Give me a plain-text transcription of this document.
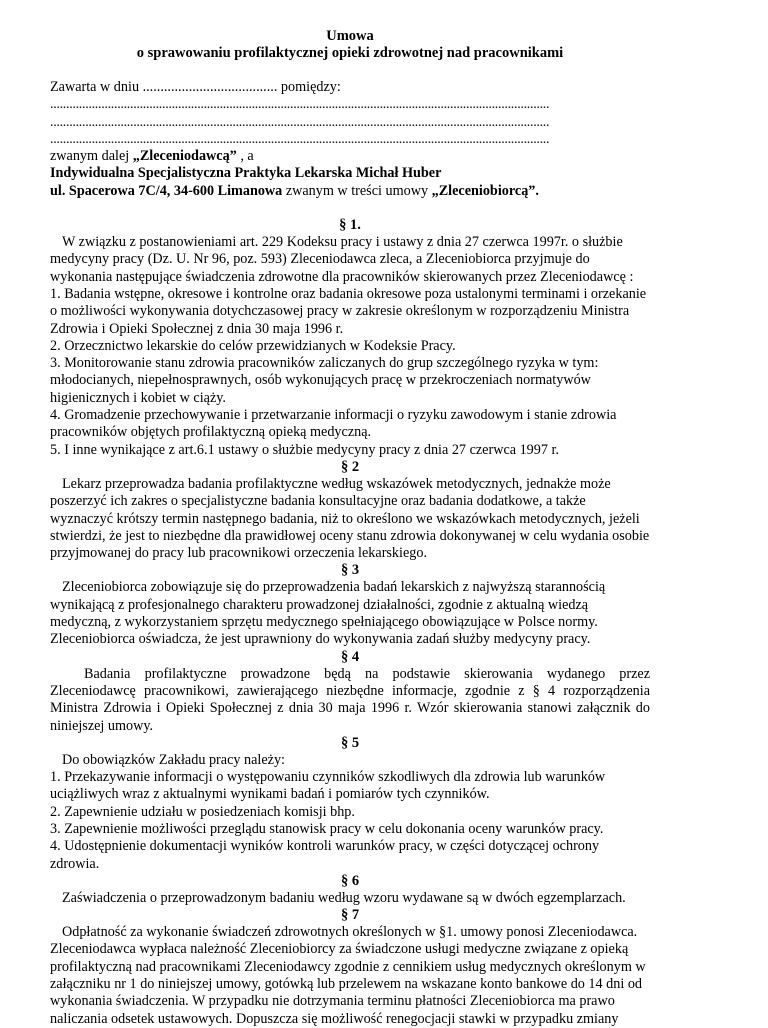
Umowa

o sprawowaniu profilaktycznej opieki zdrowotnej nad pracownikami

Zawarta w dniu ...................................... pomiędzy:

............................................................................................................................................................

............................................................................................................................................................

............................................................................................................................................................

zwanym dalej „Zleceniodawcą” , a

Indywidualna Specjalistyczna Praktyka Lekarska Michał Huber

ul. Spacerowa 7C/4, 34-600 Limanowa zwanym w treści umowy „Zleceniobiorcą”.

§ 1.

W związku z postanowieniami art. 229 Kodeksu pracy i ustawy z dnia 27 czerwca 1997r. o służbie medycyny pracy (Dz. U. Nr 96, poz. 593) Zleceniodawca zleca, a Zleceniobiorca przyjmuje do wykonania następujące świadczenia zdrowotne dla pracowników skierowanych przez Zleceniodawcę :

1. Badania wstępne, okresowe i kontrolne oraz badania okresowe poza ustalonymi terminami i orzekanie o możliwości wykonywania dotychczasowej pracy w zakresie określonym w rozporządzeniu Ministra Zdrowia i Opieki Społecznej z dnia 30 maja 1996 r.

2. Orzecznictwo lekarskie do celów przewidzianych w Kodeksie Pracy.

3. Monitorowanie stanu zdrowia pracowników zaliczanych do grup szczególnego ryzyka w tym: młodocianych, niepełnosprawnych, osób wykonujących pracę w przekroczeniach normatywów higienicznych i kobiet w ciąży.

4. Gromadzenie przechowywanie i przetwarzanie informacji o ryzyku zawodowym i stanie zdrowia pracowników objętych profilaktyczną opieką medyczną.

5. I inne wynikające z art.6.1 ustawy o służbie medycyny pracy z dnia 27 czerwca 1997 r.

§ 2

Lekarz przeprowadza badania profilaktyczne według wskazówek metodycznych, jednakże może poszerzyć ich zakres o specjalistyczne badania konsultacyjne oraz badania dodatkowe, a także wyznaczyć krótszy termin następnego badania, niż to określono we wskazówkach metodycznych, jeżeli stwierdzi, że jest to niezbędne dla prawidłowej oceny stanu zdrowia dokonywanej w celu wydania osobie przyjmowanej do pracy lub pracownikowi orzeczenia lekarskiego.

§ 3

Zleceniobiorca zobowiązuje się do przeprowadzenia badań lekarskich z najwyższą starannością wynikającą z profesjonalnego charakteru prowadzonej działalności, zgodnie z aktualną wiedzą medyczną, z wykorzystaniem sprzętu medycznego spełniającego obowiązujące w Polsce normy.

Zleceniobiorca oświadcza, że jest uprawniony do wykonywania zadań służby medycyny pracy.

§ 4

Badania profilaktyczne prowadzone będą na podstawie skierowania wydanego przez Zleceniodawcę pracownikowi, zawierającego niezbędne informacje, zgodnie z § 4 rozporządzenia Ministra Zdrowia i Opieki Społecznej z dnia 30 maja 1996 r. Wzór skierowania stanowi załącznik do niniejszej umowy.

§ 5

Do obowiązków Zakładu pracy należy:

1. Przekazywanie informacji o występowaniu czynników szkodliwych dla zdrowia lub warunków uciążliwych wraz z aktualnymi wynikami badań i pomiarów tych czynników.

2. Zapewnienie udziału w posiedzeniach komisji bhp.

3. Zapewnienie możliwości przeglądu stanowisk pracy w celu dokonania oceny warunków pracy.

4. Udostępnienie dokumentacji wyników kontroli warunków pracy, w części dotyczącej ochrony zdrowia.

§ 6

Zaświadczenia o przeprowadzonym badaniu według wzoru wydawane są w dwóch egzemplarzach.

§ 7

Odpłatność za wykonanie świadczeń zdrowotnych określonych w §1. umowy ponosi Zleceniodawca. Zleceniodawca wypłaca należność Zleceniobiorcy za świadczone usługi medyczne związane z opieką profilaktyczną nad pracownikami Zleceniodawcy zgodnie z cennikiem usług medycznych określonym w załączniku nr 1 do niniejszej umowy, gotówką lub przelewem na wskazane konto bankowe do 14 dni od wykonania świadczenia. W przypadku nie dotrzymania terminu płatności Zleceniobiorca ma prawo naliczania odsetek ustawowych. Dopuszcza się możliwość renegocjacji stawki w przypadku zmiany
